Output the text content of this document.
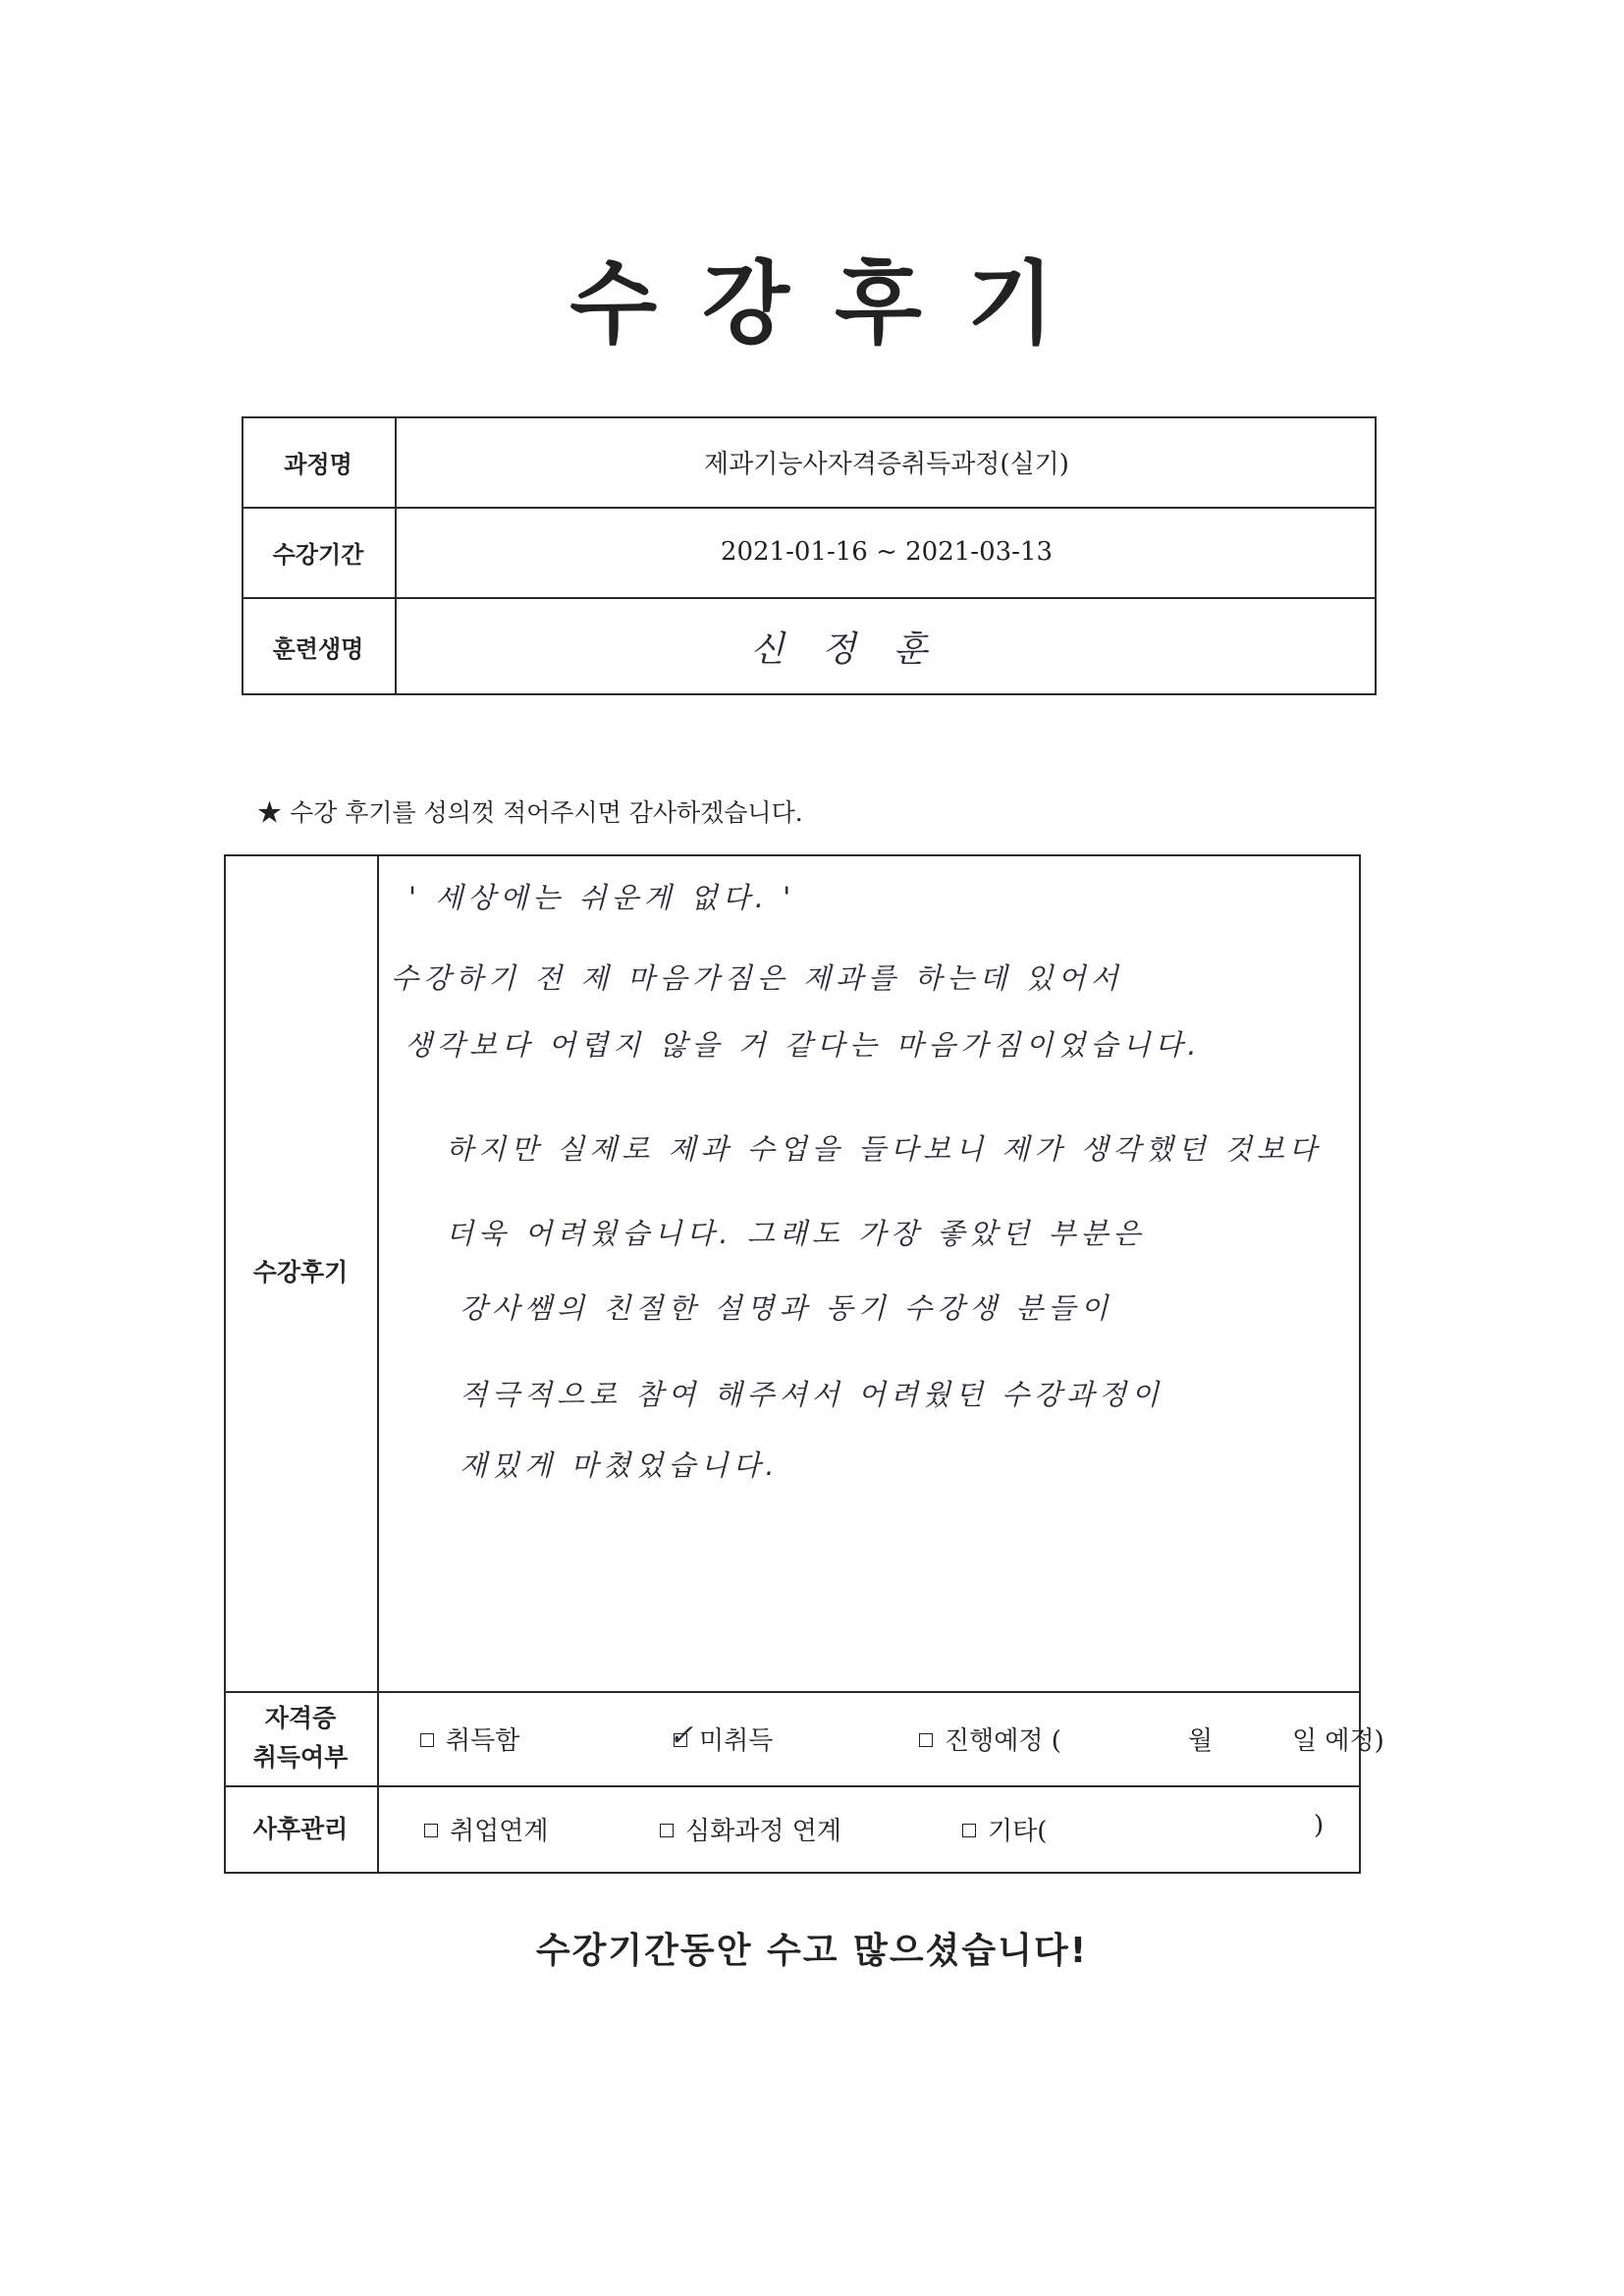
수강후기
과정명	제과기능사자격증취득과정(실기)
수강기간	2021-01-16 ~ 2021-03-13
훈련생명	신정훈
★ 수강 후기를 성의껏 적어주시면 감사하겠습니다.
수강후기
' 세상에는 쉬운게 없다. '
수강하기 전 제 마음가짐은 제과를 하는데 있어서
생각보다 어렵지 않을 거 같다는 마음가짐이었습니다.
하지만 실제로 제과 수업을 들다보니 제가 생각했던 것보다
더욱 어려웠습니다. 그래도 가장 좋았던 부분은
강사쌤의 친절한 설명과 동기 수강생 분들이
적극적으로 참여 해주셔서 어려웠던 수강과정이
재밌게 마쳤었습니다.
자격증
취득여부
취득함	✓ 미취득	진행예정 (	월	일 예정)
사후관리	취업연계	심화과정 연계	기타(	)
수강기간동안 수고 많으셨습니다!
